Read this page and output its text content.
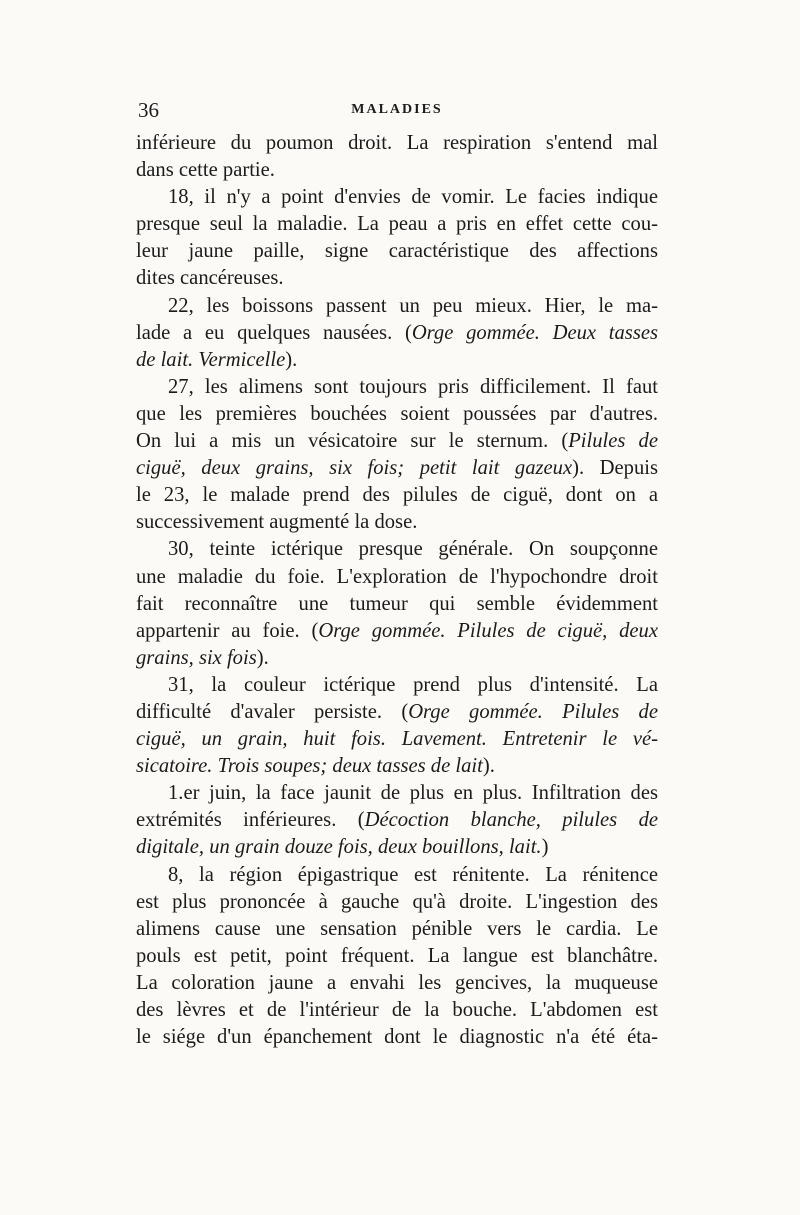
36	MALADIES
inférieure du poumon droit. La respiration s'entend mal
dans cette partie.
18, il n'y a point d'envies de vomir. Le facies indique
presque seul la maladie. La peau a pris en effet cette cou-
leur jaune paille, signe caractéristique des affections
dites cancéreuses.
22, les boissons passent un peu mieux. Hier, le ma-
lade a eu quelques nausées. (Orge gommée. Deux tasses
de lait. Vermicelle).
27, les alimens sont toujours pris difficilement. Il faut
que les premières bouchées soient poussées par d'autres.
On lui a mis un vésicatoire sur le sternum. (Pilules de
ciguë, deux grains, six fois; petit lait gazeux). Depuis
le 23, le malade prend des pilules de ciguë, dont on a
successivement augmenté la dose.
30, teinte ictérique presque générale. On soupçonne
une maladie du foie. L'exploration de l'hypochondre droit
fait reconnaître une tumeur qui semble évidemment
appartenir au foie. (Orge gommée. Pilules de ciguë, deux
grains, six fois).
31, la couleur ictérique prend plus d'intensité. La
difficulté d'avaler persiste. (Orge gommée. Pilules de
ciguë, un grain, huit fois. Lavement. Entretenir le vé-
sicatoire. Trois soupes; deux tasses de lait).
1.er juin, la face jaunit de plus en plus. Infiltration des
extrémités inférieures. (Décoction blanche, pilules de
digitale, un grain douze fois, deux bouillons, lait.)
8, la région épigastrique est rénitente. La rénitence
est plus prononcée à gauche qu'à droite. L'ingestion des
alimens cause une sensation pénible vers le cardia. Le
pouls est petit, point fréquent. La langue est blanchâtre.
La coloration jaune a envahi les gencives, la muqueuse
des lèvres et de l'intérieur de la bouche. L'abdomen est
le siége d'un épanchement dont le diagnostic n'a été éta-
